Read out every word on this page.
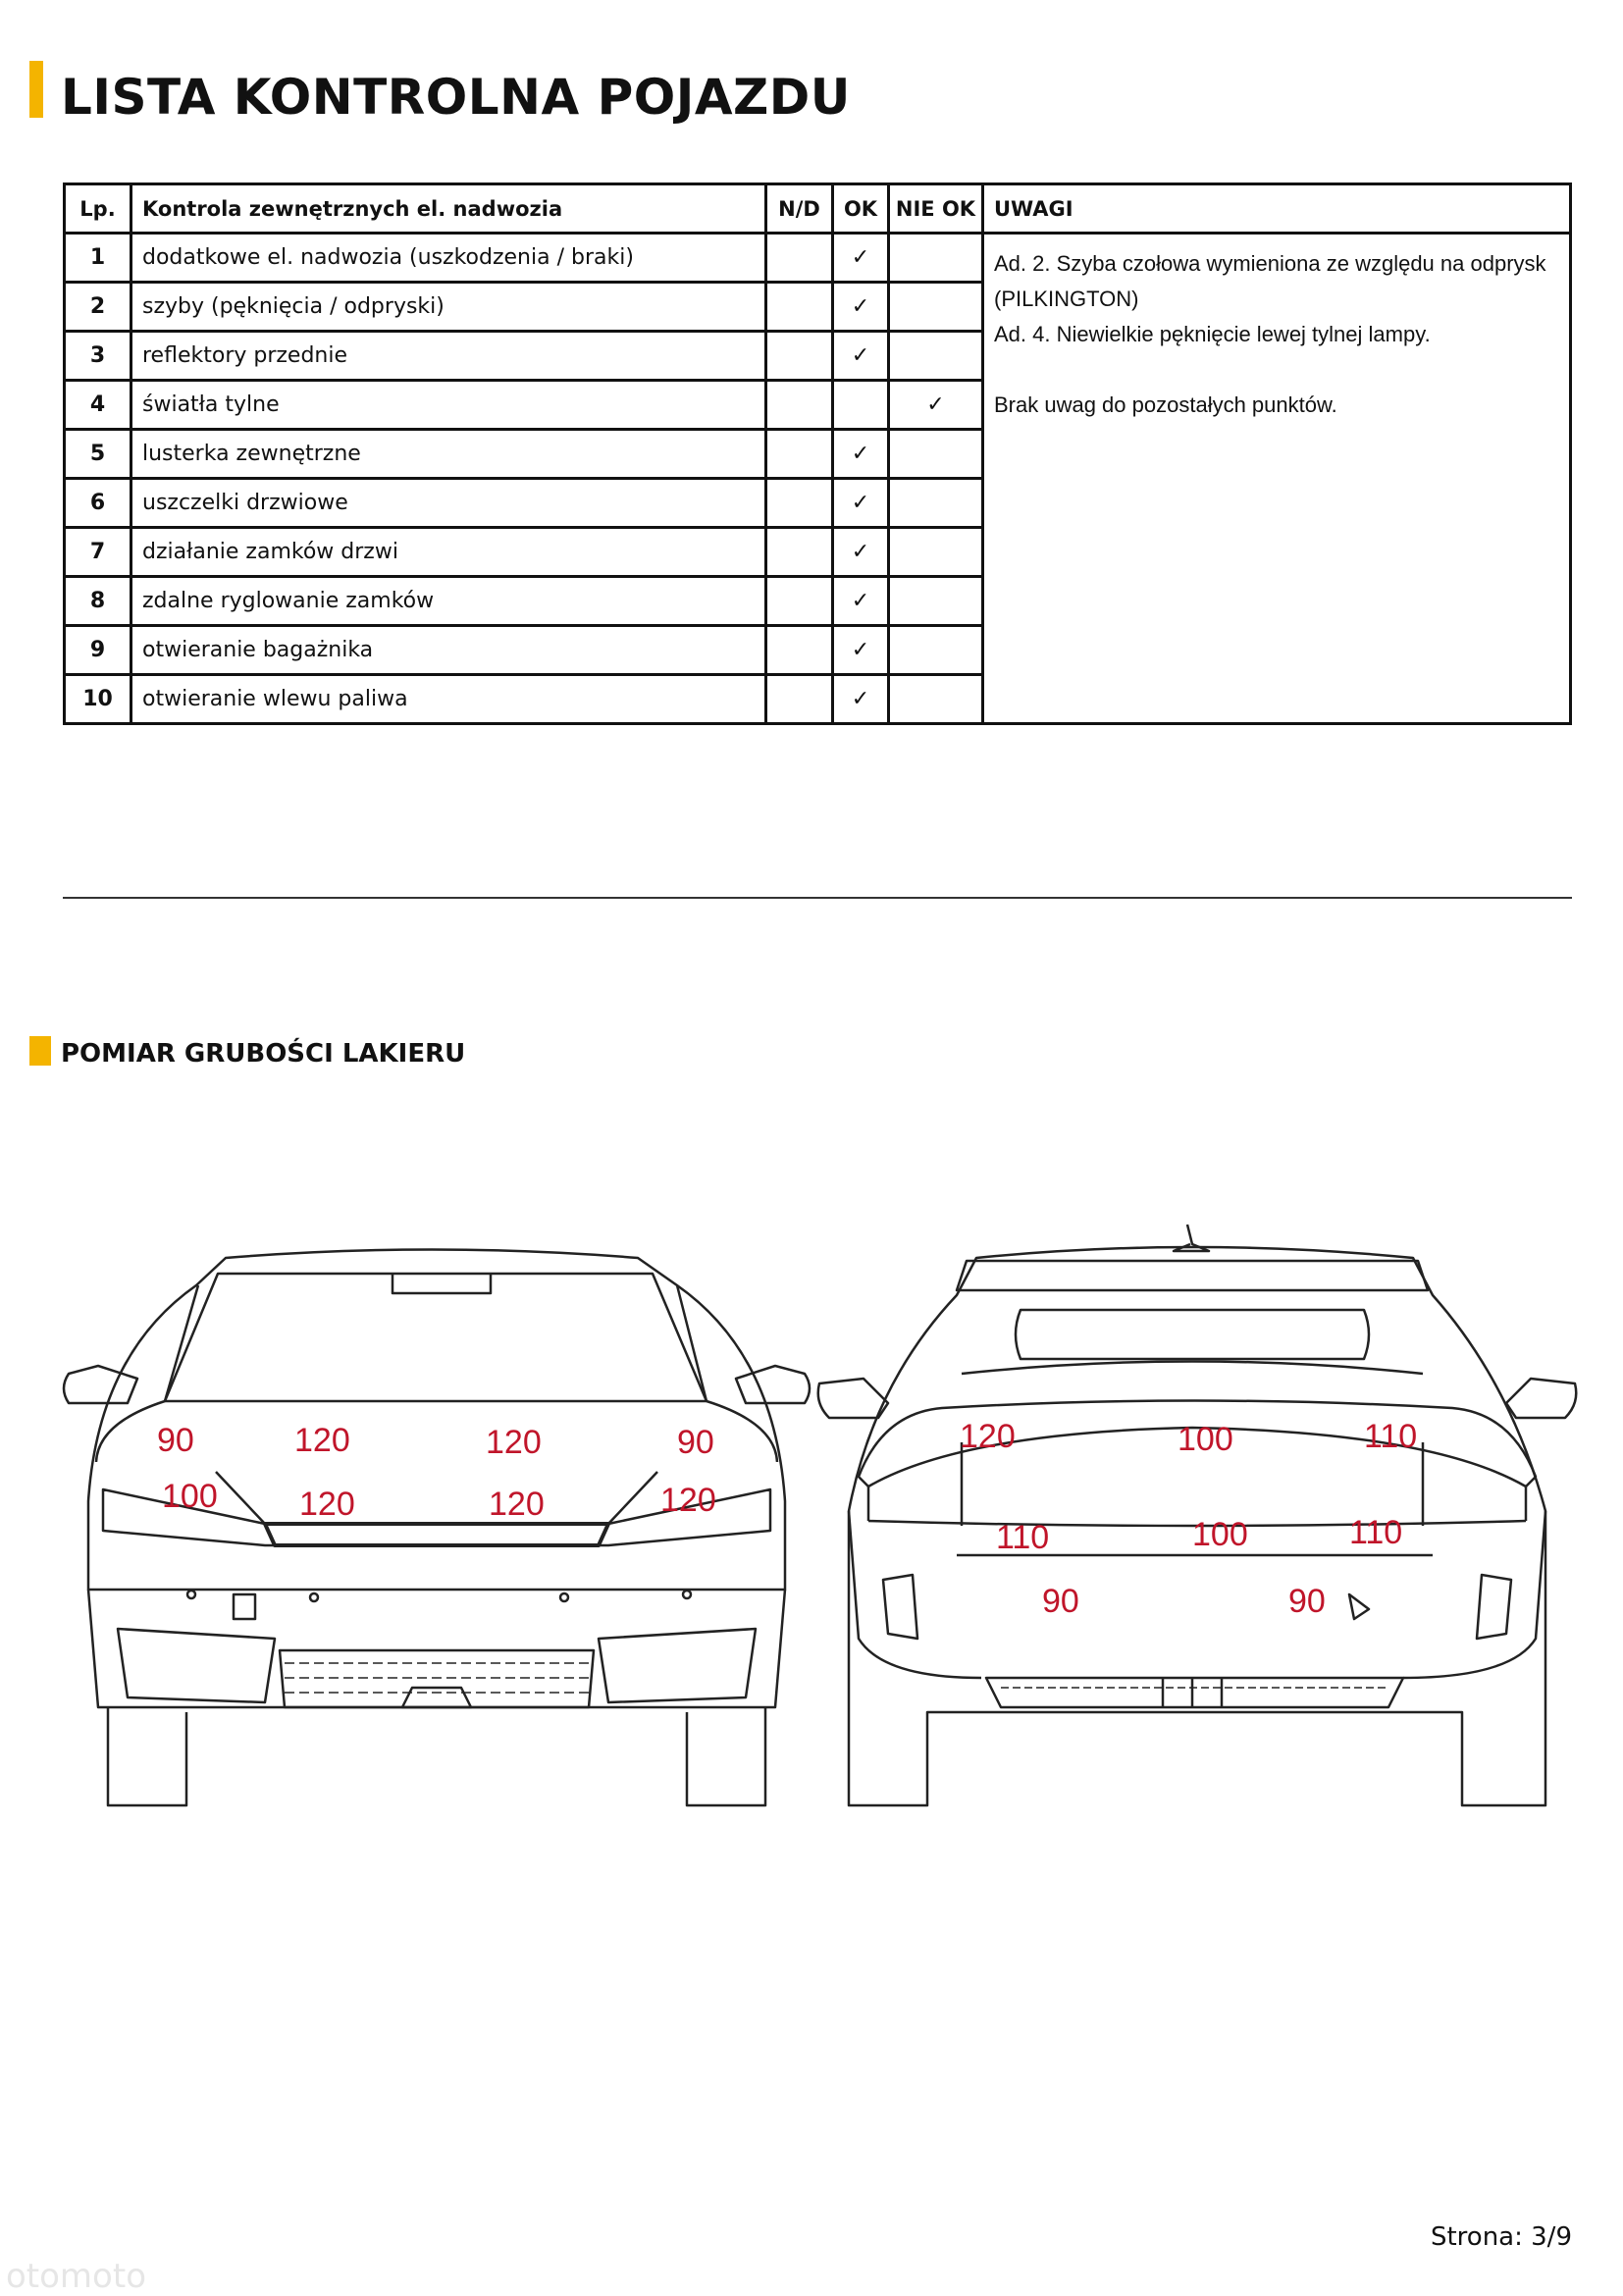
LISTA KONTROLNA POJAZDU
Lp.	Kontrola zewnętrznych el. nadwozia	N/D	OK	NIE OK	UWAGI
1	dodatkowe el. nadwozia (uszkodzenia / braki)		✓		Ad. 2. Szyba czołowa wymieniona ze względu na odprysk (PILKINGTON)

Ad. 4. Niewielkie pęknięcie lewej tylnej lampy.

Brak uwag do pozostałych punktów.

2	szyby (pęknięcia / odpryski)		✓		
3	reflektory przednie		✓		
4	światła tylne			✓	
5	lusterka zewnętrzne		✓		
6	uszczelki drzwiowe		✓		
7	działanie zamków drzwi		✓		
8	zdalne ryglowanie zamków		✓		
9	otwieranie bagażnika		✓		
10	otwieranie wlewu paliwa		✓		
POMIAR GRUBOŚCI LAKIERU
90	120	120	90
100 120	120	120
120	100	110
110	100	110
90	90
Strona: 3/9
otomoto
